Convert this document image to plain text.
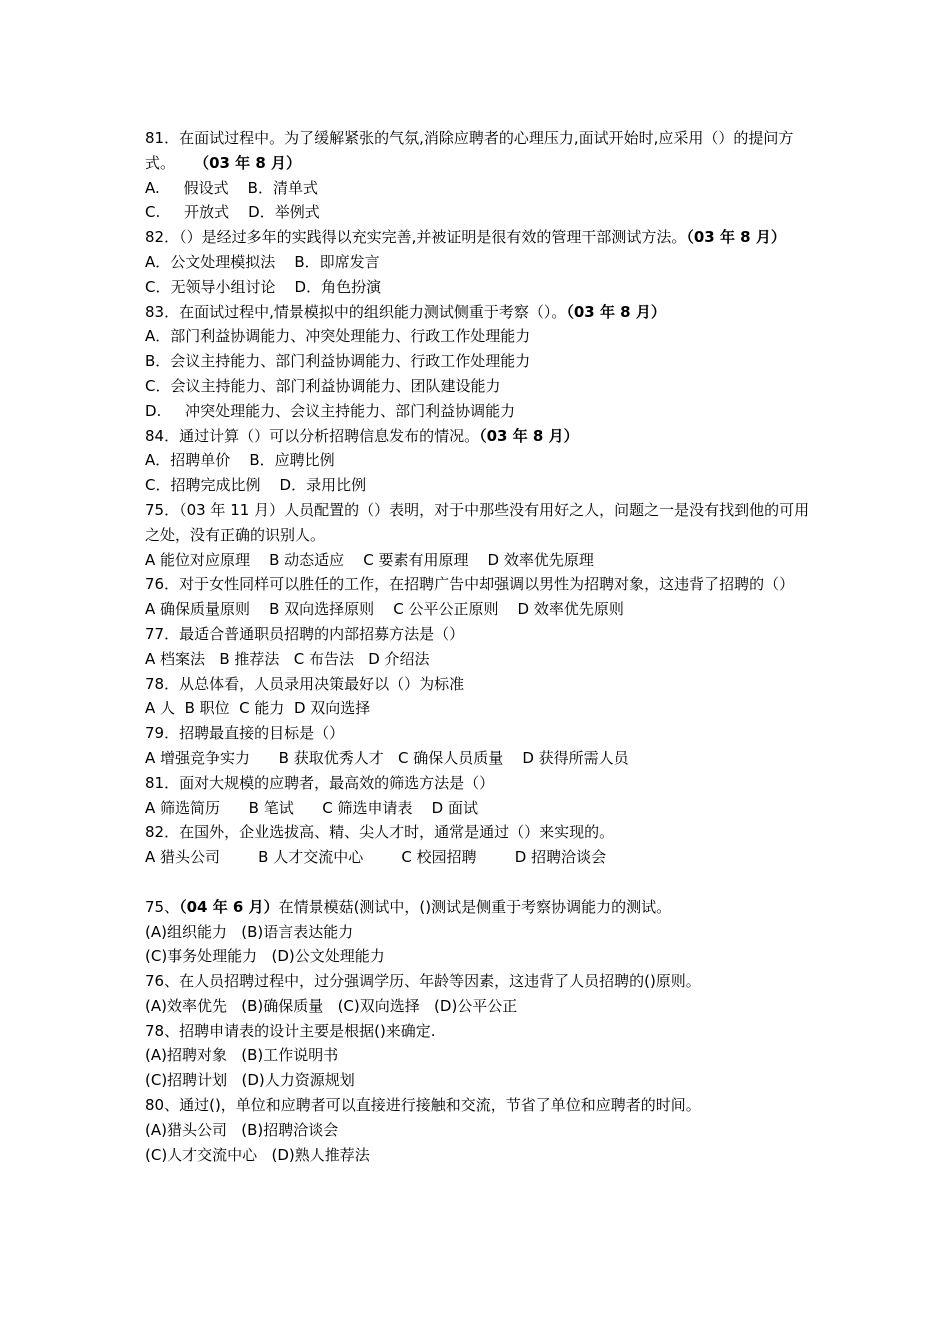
81．在面试过程中。为了缓解紧张的气氛,消除应聘者的心理压力,面试开始时,应采用（）的提问方式。    （03 年 8 月）
A.     假设式    B．清单式
C.     开放式    D．举例式
82．（）是经过多年的实践得以充实完善,并被证明是很有效的管理干部测试方法。（03 年 8 月）
A．公文处理模拟法    B．即席发言
C．无领导小组讨论    D．角色扮演
83．在面试过程中,情景模拟中的组织能力测试侧重于考察（）。（03 年 8 月）
A．部门利益协调能力、冲突处理能力、行政工作处理能力
B．会议主持能力、部门利益协调能力、行政工作处理能力
C．会议主持能力、部门利益协调能力、团队建设能力
D.     冲突处理能力、会议主持能力、部门利益协调能力
84．通过计算（）可以分析招聘信息发布的情况。（03 年 8 月）
A．招聘单价    B．应聘比例
C．招聘完成比例    D．录用比例
75．（03 年 11 月）人员配置的（）表明，对于中那些没有用好之人，问题之一是没有找到他的可用之处，没有正确的识别人。
A 能位对应原理    B 动态适应    C 要素有用原理    D 效率优先原理
76．对于女性同样可以胜任的工作，在招聘广告中却强调以男性为招聘对象，这违背了招聘的（）
A 确保质量原则    B 双向选择原则    C 公平公正原则    D 效率优先原则
77．最适合普通职员招聘的内部招募方法是（）
A 档案法   B 推荐法   C 布告法   D 介绍法
78．从总体看，人员录用决策最好以（）为标准
A 人  B 职位  C 能力  D 双向选择
79．招聘最直接的目标是（）
A 增强竞争实力      B 获取优秀人才   C 确保人员质量    D 获得所需人员
81．面对大规模的应聘者，最高效的筛选方法是（）
A 筛选简历      B 笔试      C 筛选申请表    D 面试
82．在国外，企业选拔高、精、尖人才时，通常是通过（）来实现的。
A 猎头公司        B 人才交流中心        C 校园招聘        D 招聘洽谈会
75、（04 年 6 月）在情景模菇(测试中，()测试是侧重于考察协调能力的测试。
(A)组织能力   (B)语言表达能力
(C)事务处理能力   (D)公文处理能力
76、在人员招聘过程中，过分强调学历、年龄等因素，这违背了人员招聘的()原则。
(A)效率优先   (B)确保质量   (C)双向选择   (D)公平公正
78、招聘申请表的设计主要是根据()来确定.
(A)招聘对象   (B)工作说明书
(C)招聘计划   (D)人力资源规划
80、通过()，单位和应聘者可以直接进行接触和交流，节省了单位和应聘者的时间。
(A)猎头公司   (B)招聘洽谈会
(C)人才交流中心   (D)熟人推荐法
